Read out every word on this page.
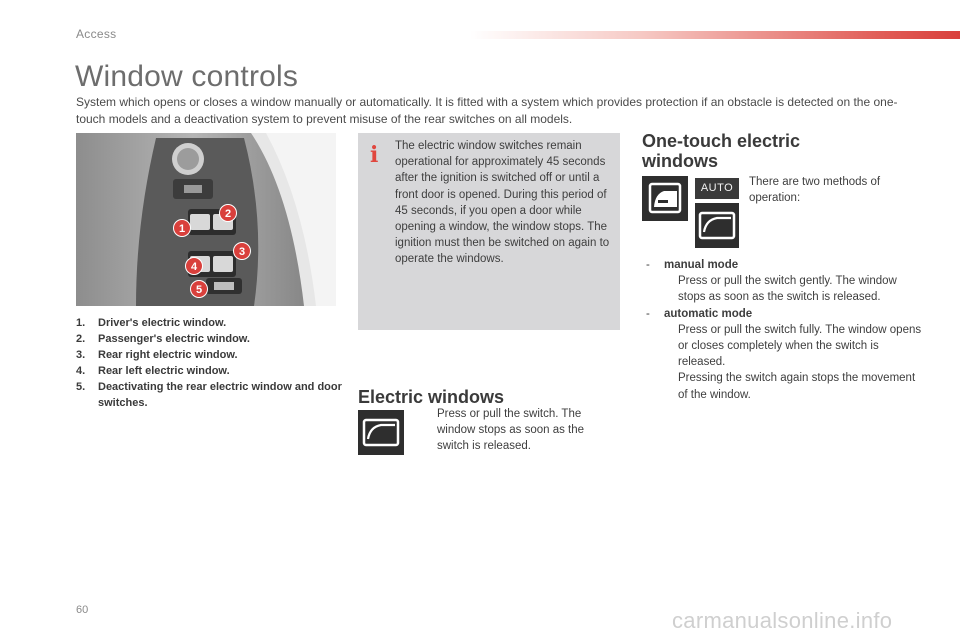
Access
Window controls

System which opens or closes a window manually or automatically. It is fitted with a system which provides protection if an obstacle is detected on the one-touch models and a deactivation system to prevent misuse of the rear switches on all models.

1
2
3
4
5
1.	Driver's electric window.
2.	Passenger's electric window.
3.	Rear right electric window.
4.	Rear left electric window.
5.	Deactivating the rear electric window and door switches.
i The electric window switches remain operational for approximately 45 seconds after the ignition is switched off or until a front door is opened. During this period of 45 seconds, if you open a door while opening a window, the window stops. The ignition must then be switched on again to operate the windows.

Electric windows
Press or pull the switch. The
window stops as soon as the
switch is released.
One-touch electric windows
AUTO	There are two methods of operation:

-	manual mode
Press or pull the switch gently. The window stops as soon as the switch is released.
-	automatic mode
Press or pull the switch fully. The window opens or closes completely when the switch is released.
Pressing the switch again stops the movement of the window.
60	carmanualsonline.info
